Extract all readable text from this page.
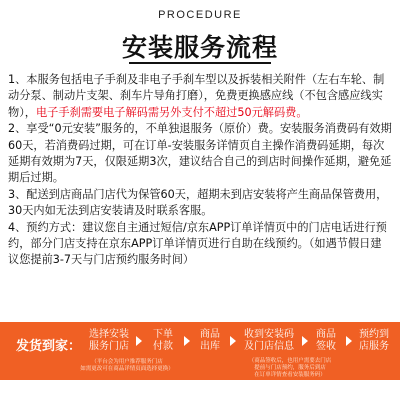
PROCEDURE
安装服务流程

1、本服务包括电子手刹及非电子手刹车型以及拆装相关附件（左右车轮、制动分泵、制动片支架、刹车片导角打磨），免费更换感应线（不包含感应线实物），电子手刹需要电子解码需另外支付不超过50元解码费。

2、享受“0元安装”服务的，不单独退服务（原价）费。安装服务消费码有效期60天，若消费码过期，可在订单-安装服务详情页自主操作消费码延期，每次延期有效期为7天，仅限延期3次，建议结合自己的到店时间操作延期，避免延期后过期。

3、配送到店商品门店代为保管60天，超期未到店安装将产生商品保管费用，30天内如无法到店安装请及时联系客服。

4、预约方式：建议您自主通过短信/京东APP订单详情页中的门店电话进行预约，部分门店支持在京东APP订单详情页进行自助在线预约。（如遇节假日建议您提前3-7天与门店预约服务时间）

发货到家：
选择安装
服务门店
下单
付款
商品
出库
收到安装码
及门店信息
商品
签收
预约到
店服务
（平台会为用户推荐服务门店
如需更改可在商品详情页面选择更换）
（商品签收后，也用户需要去门店
提前与门店预约，服务后到店
在订单详情查看安装服务码）
